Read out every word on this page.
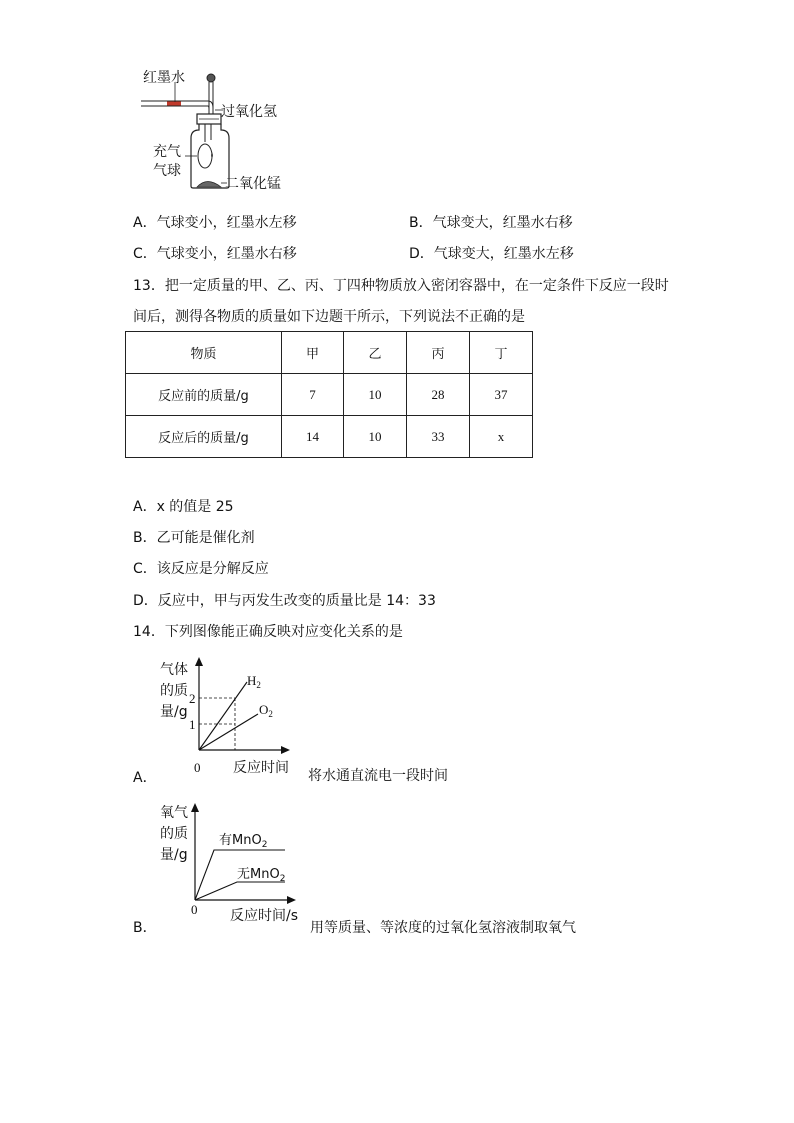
红墨水
过氧化氢
充气
气球
二氧化锰
A．气球变小，红墨水左移	B．气球变大，红墨水右移
C．气球变小，红墨水右移	D．气球变大，红墨水左移
13．把一定质量的甲、乙、丙、丁四种物质放入密闭容器中，在一定条件下反应一段时
间后，测得各物质的质量如下边题干所示，下列说法不正确的是
物质	甲	乙	丙	丁
反应前的质量/g	7	10	28	37
反应后的质量/g	14	10	33	x
A．x 的值是 25
B．乙可能是催化剂
C．该反应是分解反应
D．反应中，甲与丙发生改变的质量比是 14：33
14．下列图像能正确反映对应变化关系的是
气体
的质
量/g
2
1
$H_2$
$O_2$
0 反应时间
A．	将水通直流电一段时间
氧气
的质
量/g
有MnO$_2$
无MnO$_2$
0 反应时间/s
B．	用等质量、等浓度的过氧化氢溶液制取氧气
